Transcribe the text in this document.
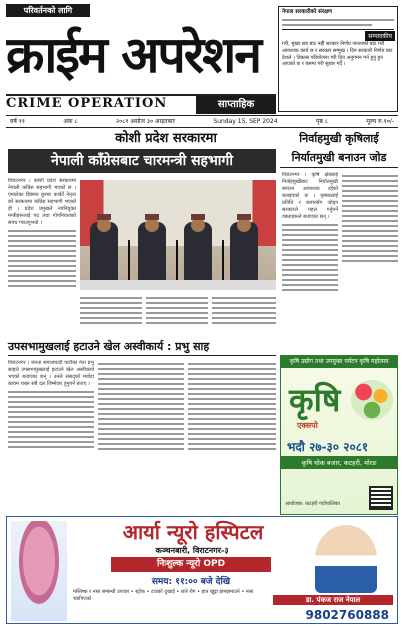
परिवर्तनको लागि
क्राईम अपरेशन
CRIME OPERATION	साप्ताहिक
नेपाल सरकारीको संरक्षण
सम्पादकीय
गरी, मुख्य सत्र बाट नहीं सरकार निर्णय जनताको बाट गरी आवश्यक कार्य छ र सरकार सम्मुख । दिन सरकारी निर्णय बाट देशले । विकास परियोजना गरी दिन अनुगमन गर्न हुनु हुन आएको छ र यसमा गरी सुधार गर्दै ।
वर्ष ११	अंक ८	२०८१ असोज ३० आइतबार	Sunday 15, SEP 2024	पृष्ठ ८	मूल्य रु.१०/-
कोशी प्रदेश सरकारमा
नेपाली काँग्रेसबाट चारमन्त्री सहभागी
विराटनगर । कोशी प्रदेश सरकारमा नेपाली काँग्रेस सहभागी भएको छ । एमालेका हिक्मत कुमार कार्की नेतृत्व को सरकारमा काँग्रेस सहभागी भएको हो । प्रदेश प्रमुखले नवनियुक्त मन्त्रीहरूलाई पद तथा गोपनियताको सपथ गराउनुभयो ।
निर्वाहमुखी कृषिलाई
निर्यातमुखी बनाउन जोड
विराटनगर । कृषि क्षेत्रलाई निर्वाहमुखीबाट निर्यातमुखी बनाउन आवश्यक रहेको बताइएको छ । कृषकलाई प्रविधि र बजारसँग जोड्न सरकारले पहल गर्नुपर्ने वक्ताहरूले बताएका छन् ।
उपसभामुखलाई हटाउने खेल अस्वीकार्य : प्रभु साह
विराटनगर । जनता समाजवादी पार्टीका नेता प्रभु साहले उपसभामुखलाई हटाउने खेल अस्वीकार्य भएको बताएका छन् । उनले संसद्को मर्यादा कायम राख्न सबै दल जिम्मेवार हुनुपर्ने बताए ।
कृषि उद्योग तथा उपयुक्त पर्यटन कृषि महोत्सव
कृषि
एक्सपो
भदौ २७-३० २०८१
कृषि थोक बजार, कटहरी, मोरङ
आयोजक: कटहरी गाउँपालिका
आर्या न्यूरो हस्पिटल
कञ्चनबारी, विराटनगर-३
निःशुल्क न्यूरो OPD
समय: ११:०० बजे देखि
मस्तिष्क र नसा सम्बन्धी उपचार • स्ट्रोक • टाउको दुखाई • छारे रोग • हात खुट्टा झमझमाउने • नसा च्यापिएको	डा. पंकज राज नेपाल
9802760888
